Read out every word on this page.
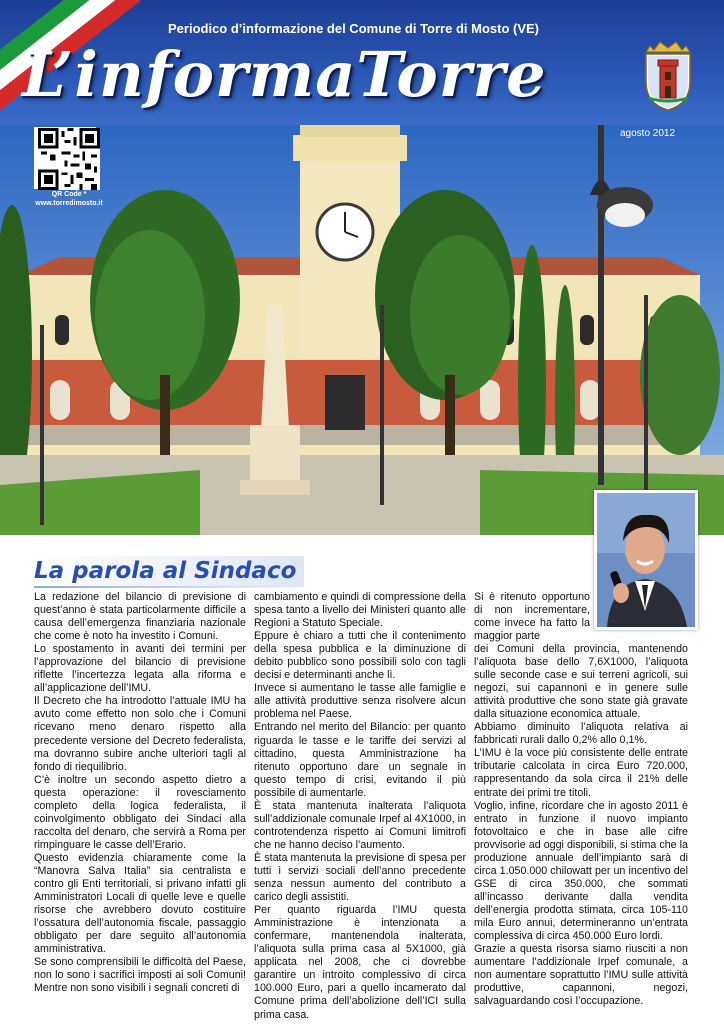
Periodico d’informazione del Comune di Torre di Mosto (VE)
L’informaTorre
QR Code *
www.torredimosto.it
agosto 2012
La parola al Sindaco

La redazione del bilancio di previsione di quest’anno è stata particolarmente difficile a causa dell’emergenza finanziaria nazionale che come è noto ha investito i Comuni.

Lo spostamento in avanti dei termini per l’approvazione del bilancio di previsione riflette l’incertezza legata alla riforma e all’applicazione dell’IMU.

Il Decreto che ha introdotto l’attuale IMU ha avuto come effetto non solo che i Comuni ricevano meno denaro rispetto alla precedente versione del Decreto federalista, ma dovranno subire anche ulteriori tagli al fondo di riequilibrio.

C’è inoltre un secondo aspetto dietro a questa operazione: il rovesciamento completo della logica federalista, il coinvolgimento obbligato dei Sindaci alla raccolta del denaro, che servirà a Roma per rimpinguare le casse dell’Erario.

Questo evidenzia chiaramente come la “Manovra Salva Italia” sia centralista e contro gli Enti territoriali, si privano infatti gli Amministratori Locali di quelle leve e quelle risorse che avrebbero dovuto costituire l’ossatura dell’autonomia fiscale, passaggio obbligato per dare seguito all’autonomia amministrativa.

Se sono comprensibili le difficoltà del Paese, non lo sono i sacrifici imposti ai soli Comuni! Mentre non sono visibili i segnali concreti di

cambiamento e quindi di compressione della spesa tanto a livello dei Ministeri quanto alle Regioni a Statuto Speciale.

Eppure è chiaro a tutti che il contenimento della spesa pubblica e la diminuzione di debito pubblico sono possibili solo con tagli decisi e determinanti anche lì.

Invece si aumentano le tasse alle famiglie e alle attività produttive senza risolvere alcun problema nel Paese.

Entrando nel merito del Bilancio: per quanto riguarda le tasse e le tariffe dei servizi al cittadino, questa Amministrazione ha ritenuto opportuno dare un segnale in questo tempo di crisi, evitando il più possibile di aumentarle.

È stata mantenuta inalterata l’aliquota sull’addizionale comunale Irpef al 4X1000, in controtendenza rispetto ai Comuni limitrofi che ne hanno deciso l’aumento.

È stata mantenuta la previsione di spesa per tutti i servizi sociali dell’anno precedente senza nessun aumento del contributo a carico degli assistiti.

Per quanto riguarda l’IMU questa Amministrazione è intenzionata a confermare, mantenendola inalterata, l’aliquota sulla prima casa al 5X1000, già applicata nel 2008, che ci dovrebbe garantire un introito complessivo di circa 100.000 Euro, pari a quello incamerato dal Comune prima dell’abolizione dell’ICI sulla prima casa.

Si è ritenuto opportuno di non incrementare, come invece ha fatto la maggior parte

dei Comuni della provincia, mantenendo l’aliquota base dello 7,6X1000, l’aliquota sulle seconde case e sui terreni agricoli, sui negozi, sui capannoni e in genere sulle attività produttive che sono state già gravate dalla situazione economica attuale.

Abbiamo diminuito l’aliquota relativa ai fabbricati rurali dallo 0,2% allo 0,1%.

L’IMU è la voce più consistente delle entrate tributarie calcolata in circa Euro 720.000, rappresentando da sola circa il 21% delle entrate dei primi tre titoli.

Voglio, infine, ricordare che in agosto 2011 è entrato in funzione il nuovo impianto fotovoltaico e che in base alle cifre provvisorie ad oggi disponibili, si stima che la produzione annuale dell’impianto sarà di circa 1.050.000 chilowatt per un incentivo del GSE di circa 350.000, che sommati all’incasso derivante dalla vendita dell’energia prodotta stimata, circa 105-110 mila Euro annui, determineranno un’entrata complessiva di circa 450.000 Euro lordi.

Grazie a questa risorsa siamo riusciti a non aumentare l’addizionale Irpef comunale, a non aumentare soprattutto l’IMU sulle attività produttive, capannoni, negozi, salvaguardando così l’occupazione.
